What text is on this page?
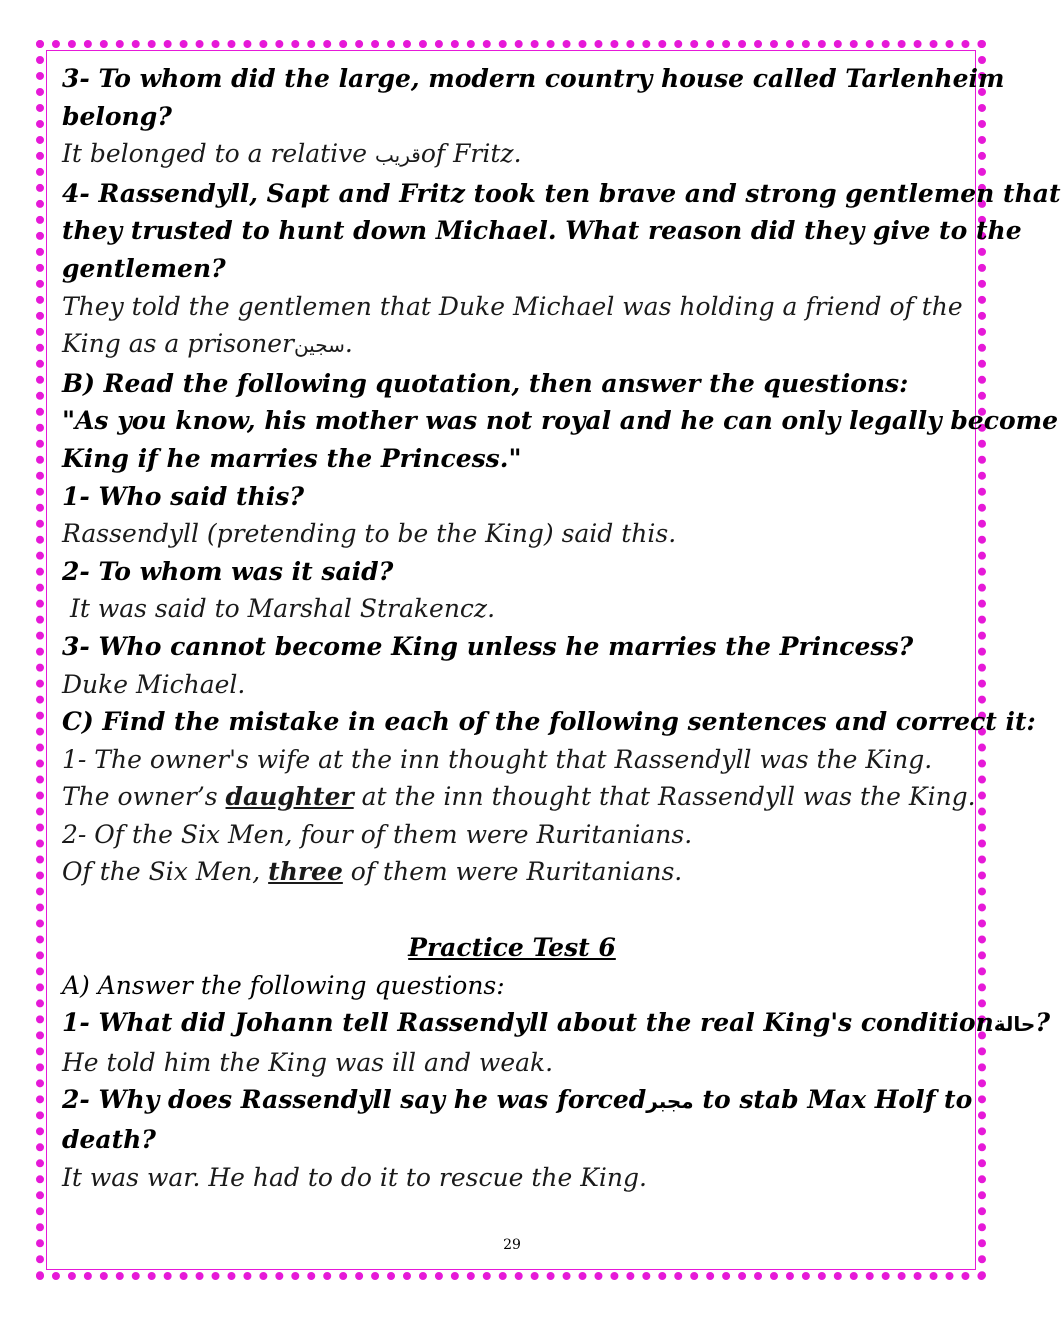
3- To whom did the large, modern country house called Tarlenheim
belong?
It belonged to a relative قريبof Fritz.
4- Rassendyll, Sapt and Fritz took ten brave and strong gentlemen that
they trusted to hunt down Michael. What reason did they give to the
gentlemen?
They told the gentlemen that Duke Michael was holding a friend of the
King as a prisonerسجين.
B) Read the following quotation, then answer the questions:
"As you know, his mother was not royal and he can only legally become
King if he marries the Princess."
1- Who said this?
Rassendyll (pretending to be the King) said this.
2- To whom was it said?
It was said to Marshal Strakencz.
3- Who cannot become King unless he marries the Princess?
Duke Michael.
C) Find the mistake in each of the following sentences and correct it:
1- The owner's wife at the inn thought that Rassendyll was the King.
The owner’s daughter at the inn thought that Rassendyll was the King.
2- Of the Six Men, four of them were Ruritanians.
Of the Six Men, three of them were Ruritanians.
Practice Test 6
A) Answer the following questions:
1- What did Johann tell Rassendyll about the real King's conditionحالة?
He told him the King was ill and weak.
2- Why does Rassendyll say he was forcedمجبر to stab Max Holf to
death?
It was war. He had to do it to rescue the King.
29
